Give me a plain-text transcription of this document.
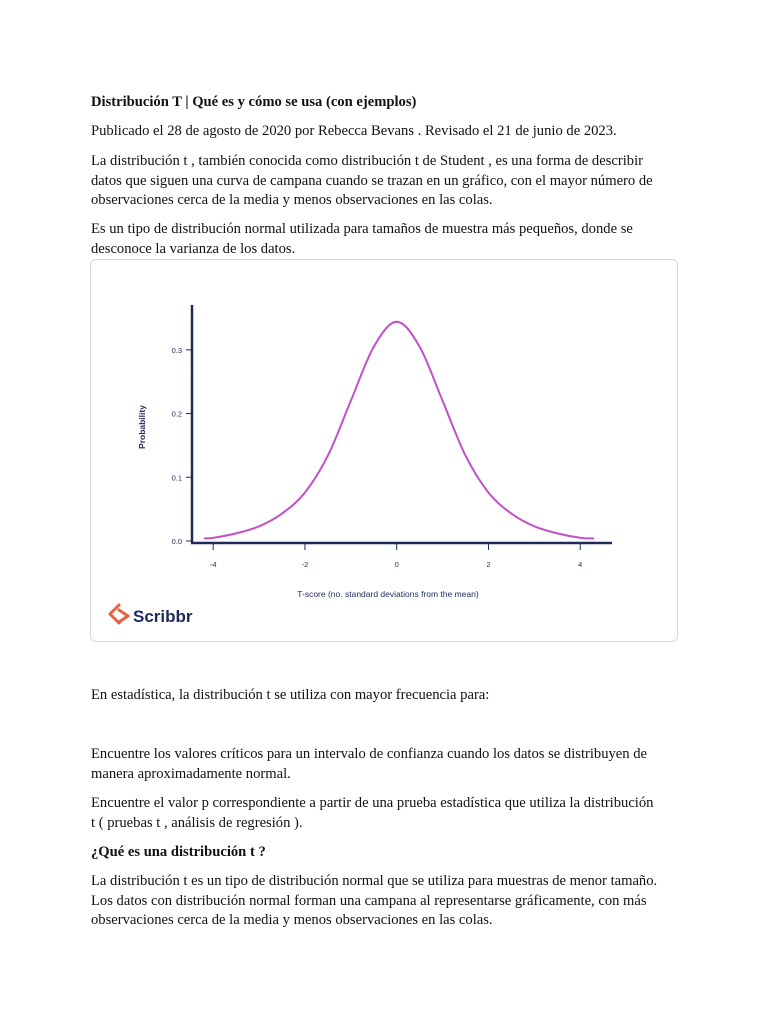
Distribución T | Qué es y cómo se usa (con ejemplos)

Publicado el 28 de agosto de 2020 por Rebecca Bevans . Revisado el 21 de junio de 2023.

La distribución t , también conocida como distribución t de Student , es una forma de describir

datos que siguen una curva de campana cuando se trazan en un gráfico, con el mayor número de

observaciones cerca de la media y menos observaciones en las colas.

Es un tipo de distribución normal utilizada para tamaños de muestra más pequeños, donde se

desconoce la varianza de los datos.

0.0
0.1
0.2
0.3
-4	-2	0	2	4
Probability
T-score (no. standard deviations from the mean)
Scribbr

En estadística, la distribución t se utiliza con mayor frecuencia para:

Encuentre los valores críticos para un intervalo de confianza cuando los datos se distribuyen de

manera aproximadamente normal.

Encuentre el valor p correspondiente a partir de una prueba estadística que utiliza la distribución

t ( pruebas t , análisis de regresión ).

¿Qué es una distribución t ?

La distribución t es un tipo de distribución normal que se utiliza para muestras de menor tamaño.

Los datos con distribución normal forman una campana al representarse gráficamente, con más

observaciones cerca de la media y menos observaciones en las colas.
